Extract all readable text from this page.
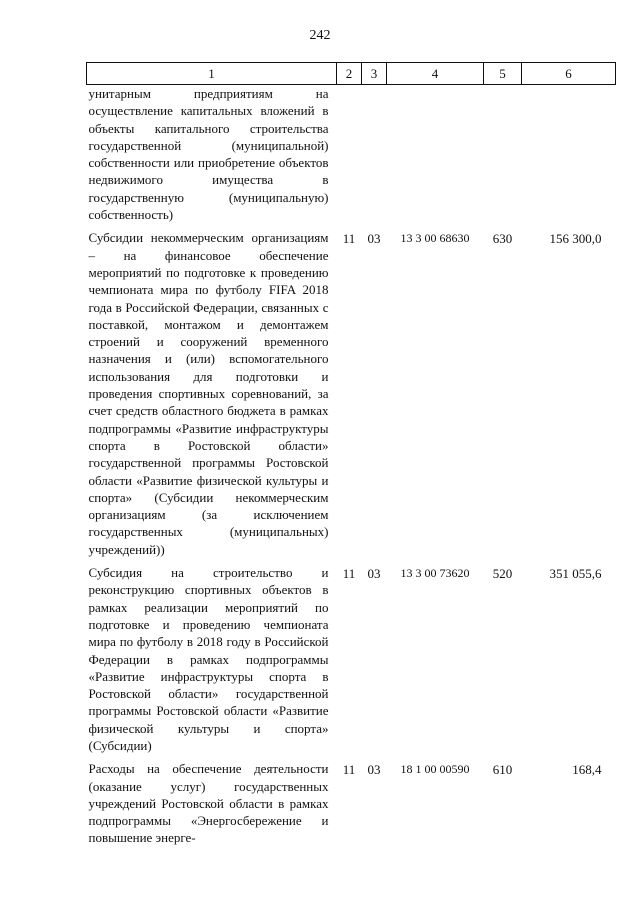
242
1	2	3	4	5	6
унитарным предприятиям на осуществление капитальных вложений в объекты капитального строительства государственной (муниципальной) собственности или приобретение объектов недвижимого имущества в государственную (муниципальную) собственность)					
Субсидии некоммерческим организациям – на финансовое обеспечение мероприятий по подготовке к проведению чемпионата мира по футболу FIFA 2018 года в Российской Федерации, связанных с поставкой, монтажом и демонтажем строений и сооружений временного назначения и (или) вспомогательного использования для подготовки и проведения спортивных соревнований, за счет средств областного бюджета в рамках подпрограммы «Развитие инфраструктуры спорта в Ростовской области» государственной программы Ростовской области «Развитие физической культуры и спорта» (Субсидии некоммерческим организациям (за исключением государственных (муниципальных) учреждений))	11	03	13 3 00 68630	630	156 300,0
Субсидия на строительство и реконструкцию спортивных объектов в рамках реализации мероприятий по подготовке и проведению чемпионата мира по футболу в 2018 году в Российской Федерации в рамках подпрограммы «Развитие инфраструктуры спорта в Ростовской области» государственной программы Ростовской области «Развитие физической культуры и спорта» (Субсидии)	11	03	13 3 00 73620	520	351 055,6
Расходы на обеспечение деятельности (оказание услуг) государственных учреждений Ростовской области в рамках подпрограммы «Энергосбережение и повышение энерге-	11	03	18 1 00 00590	610	168,4
